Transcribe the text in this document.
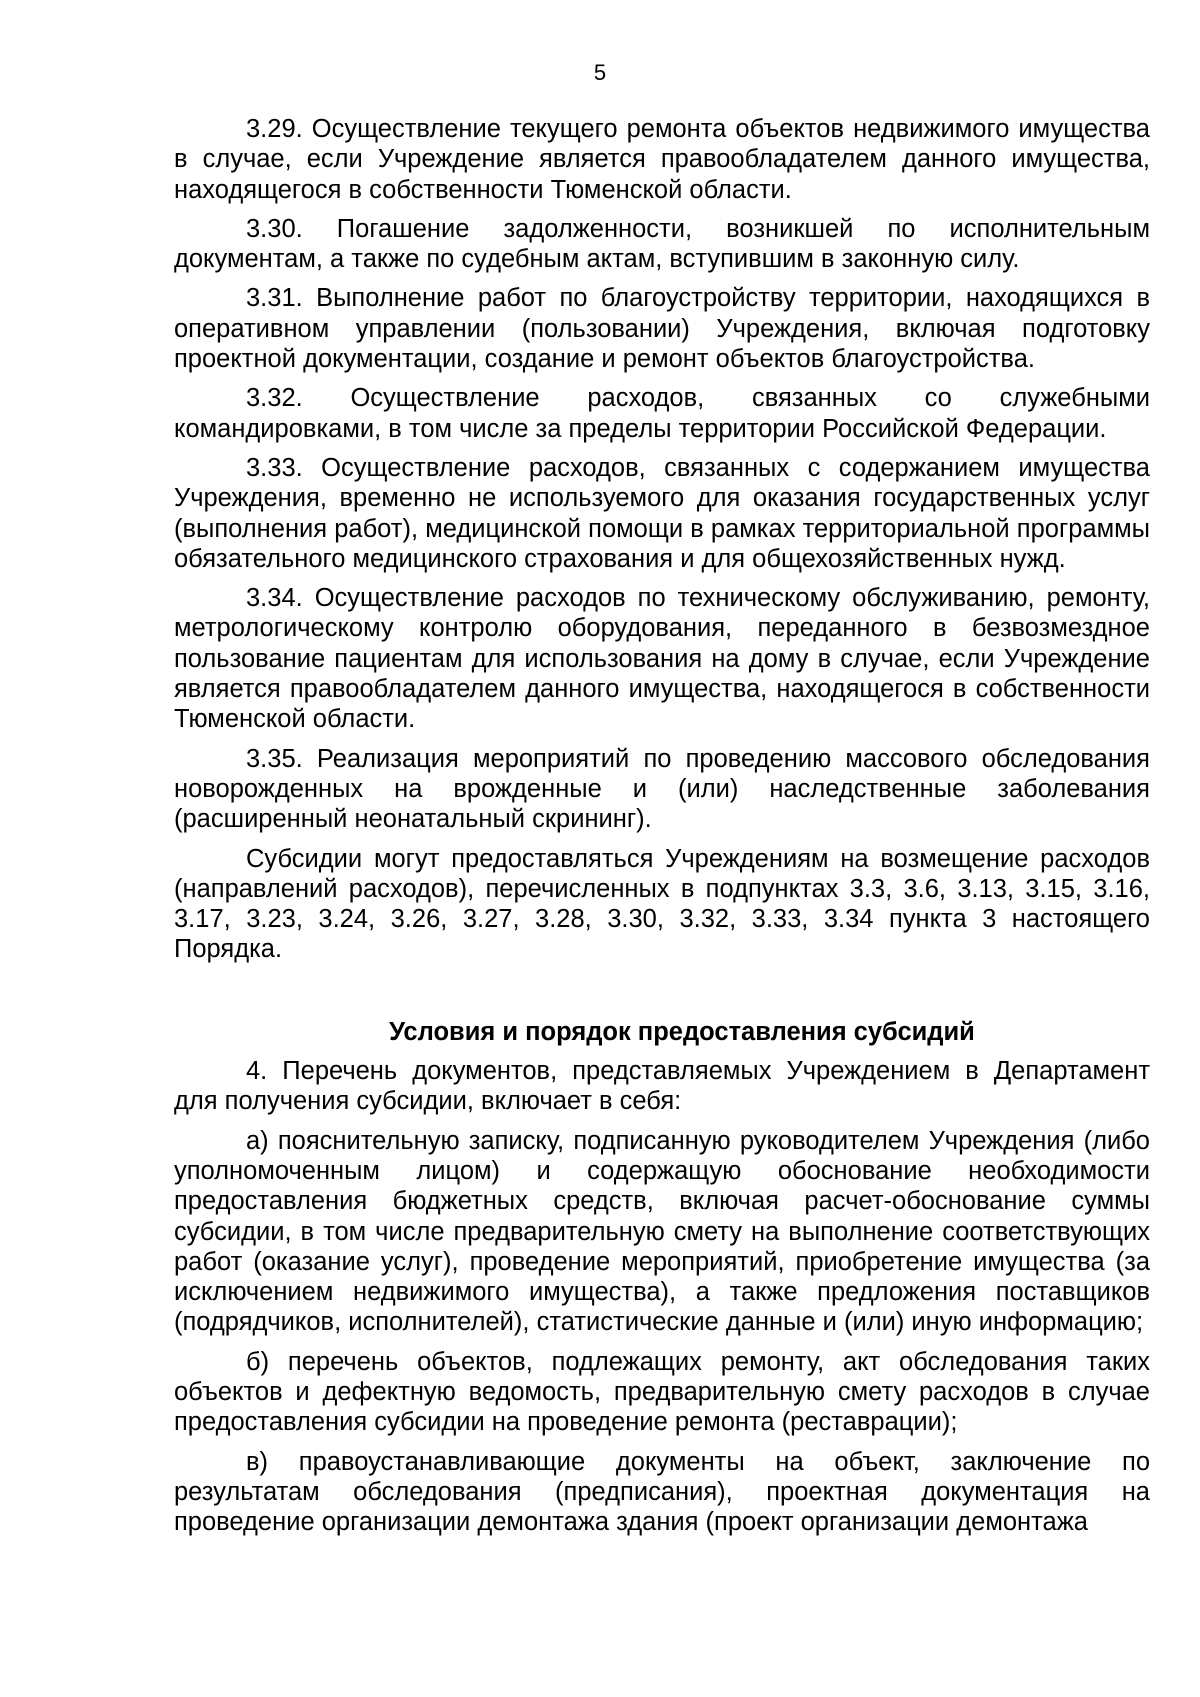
5

3.29. Осуществление текущего ремонта объектов недвижимого имущества в случае, если Учреждение является правообладателем данного имущества, находящегося в собственности Тюменской области.

3.30. Погашение задолженности, возникшей по исполнительным документам, а также по судебным актам, вступившим в законную силу.

3.31. Выполнение работ по благоустройству территории, находящихся в оперативном управлении (пользовании) Учреждения, включая подготовку проектной документации, создание и ремонт объектов благоустройства.

3.32. Осуществление расходов, связанных со служебными командировками, в том числе за пределы территории Российской Федерации.

3.33. Осуществление расходов, связанных с содержанием имущества Учреждения, временно не используемого для оказания государственных услуг (выполнения работ), медицинской помощи в рамках территориальной программы обязательного медицинского страхования и для общехозяйственных нужд.

3.34. Осуществление расходов по техническому обслуживанию, ремонту, метрологическому контролю оборудования, переданного в безвозмездное пользование пациентам для использования на дому в случае, если Учреждение является правообладателем данного имущества, находящегося в собственности Тюменской области.

3.35. Реализация мероприятий по проведению массового обследования новорожденных на врожденные и (или) наследственные заболевания (расширенный неонатальный скрининг).

Субсидии могут предоставляться Учреждениям на возмещение расходов (направлений расходов), перечисленных в подпунктах 3.3, 3.6, 3.13, 3.15, 3.16, 3.17, 3.23, 3.24, 3.26, 3.27, 3.28, 3.30, 3.32, 3.33, 3.34 пункта 3 настоящего Порядка.

Условия и порядок предоставления субсидий

4. Перечень документов, представляемых Учреждением в Департамент для получения субсидии, включает в себя:

а) пояснительную записку, подписанную руководителем Учреждения (либо уполномоченным лицом) и содержащую обоснование необходимости предоставления бюджетных средств, включая расчет-обоснование суммы субсидии, в том числе предварительную смету на выполнение соответствующих работ (оказание услуг), проведение мероприятий, приобретение имущества (за исключением недвижимого имущества), а также предложения поставщиков (подрядчиков, исполнителей), статистические данные и (или) иную информацию;

б) перечень объектов, подлежащих ремонту, акт обследования таких объектов и дефектную ведомость, предварительную смету расходов в случае предоставления субсидии на проведение ремонта (реставрации);

в) правоустанавливающие документы на объект, заключение по результатам обследования (предписания), проектная документация на проведение организации демонтажа здания (проект организации демонтажа
